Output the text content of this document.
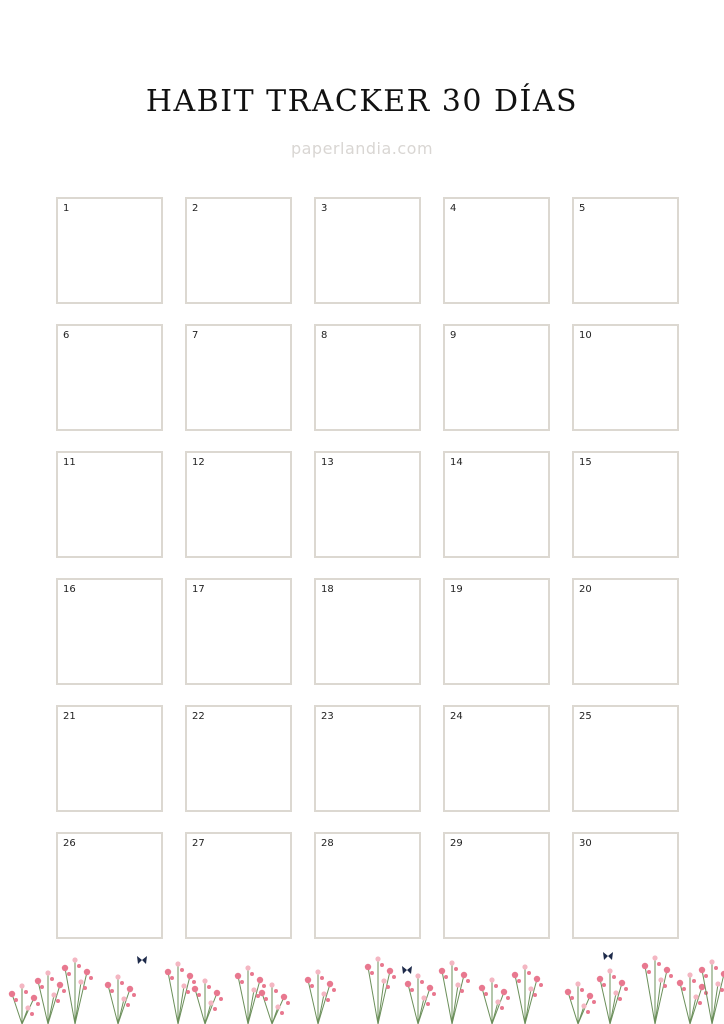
HABIT TRACKER 30 DÍAS
paperlandia.com
1	2	3	4	5
6	7	8	9	10
11	12	13	14	15
16	17	18	19	20
21	22	23	24	25
26	27	28	29	30
